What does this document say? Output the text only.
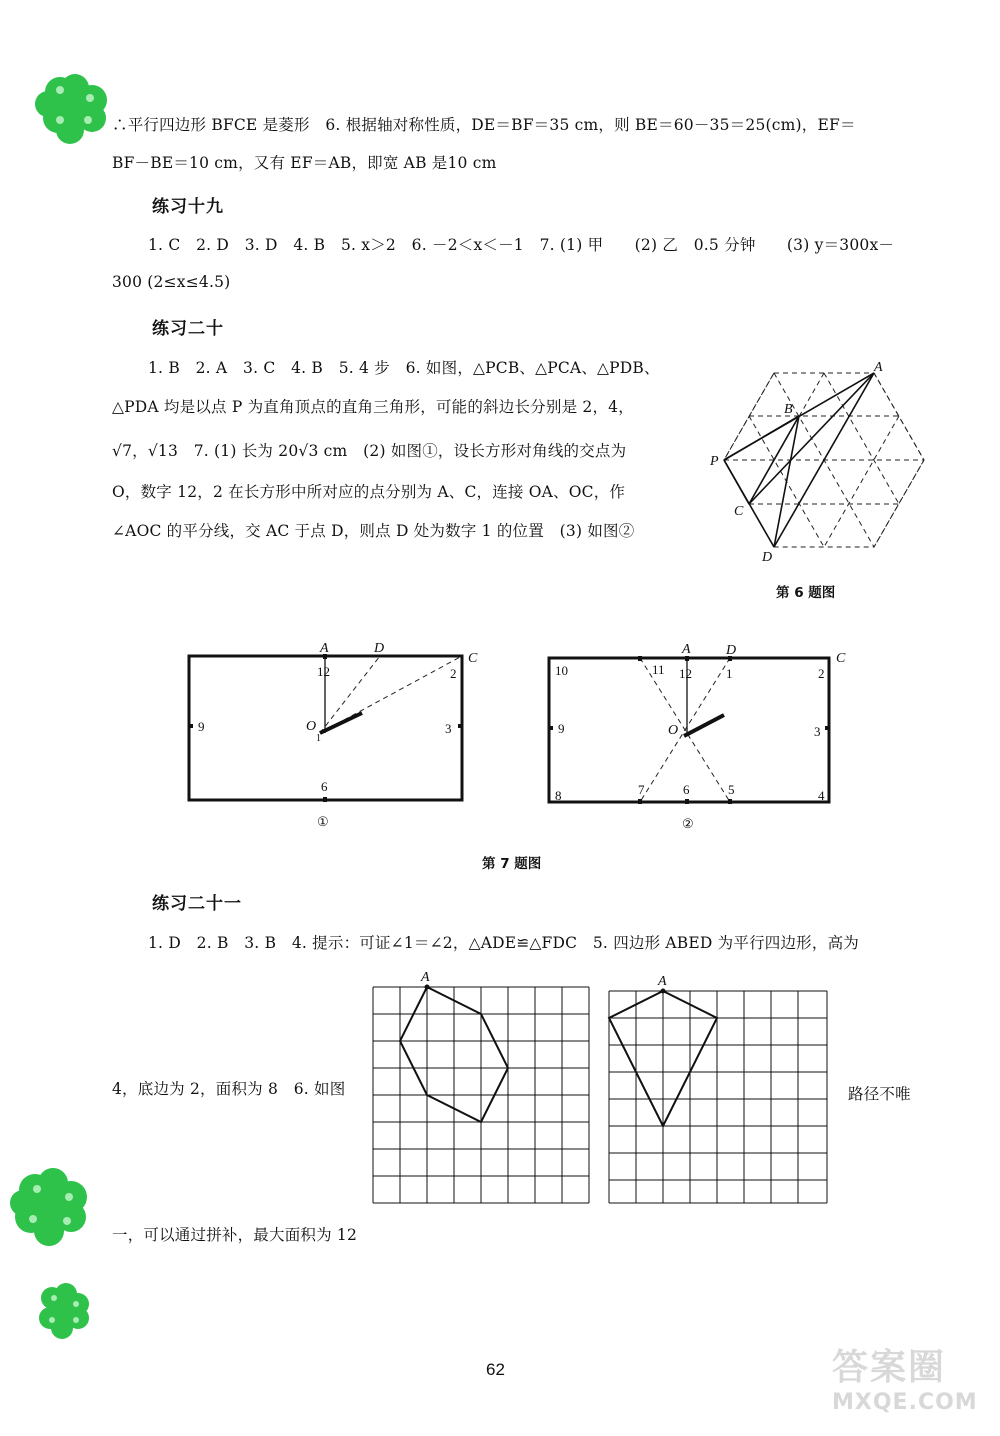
∴平行四边形 BFCE 是菱形　6. 根据轴对称性质，DE＝BF＝35 cm，则 BE＝60－35＝25(cm)，EF＝
BF－BE＝10 cm，又有 EF＝AB，即宽 AB 是10 cm
练习十九
1. C　2. D　3. D　4. B　5. x＞2　6. －2＜x＜－1　7. (1) 甲　　(2) 乙　0.5 分钟　　(3) y＝300x－
300 (2≤x≤4.5)
练习二十
1. B　2. A　3. C　4. B　5. 4 步　6. 如图，△PCB、△PCA、△PDB、
△PDA 均是以点 P 为直角顶点的直角三角形，可能的斜边长分别是 2，4，
√7，√13　7. (1) 长为 20√3 cm　(2) 如图①，设长方形对角线的交点为
O，数字 12，2 在长方形中所对应的点分别为 A、C，连接 OA、OC，作
∠AOC 的平分线，交 AC 于点 D，则点 D 处为数字 1 的位置　(3) 如图②
A
B
P
C
D
第 6 题图
A	D
C
O
12	2
3
6
9
1
①
A	D
C
O
10	11 12	1	2
3
4
5
6
7
8
9
②
第 7 题图
练习二十一
1. D　2. B　3. B　4. 提示：可证∠1＝∠2，△ADE≌△FDC　5. 四边形 ABED 为平行四边形，高为
4，底边为 2，面积为 8　6. 如图	路径不唯
一，可以通过拼补，最大面积为 12
A	A
62	答案圈
MXQE.COM
